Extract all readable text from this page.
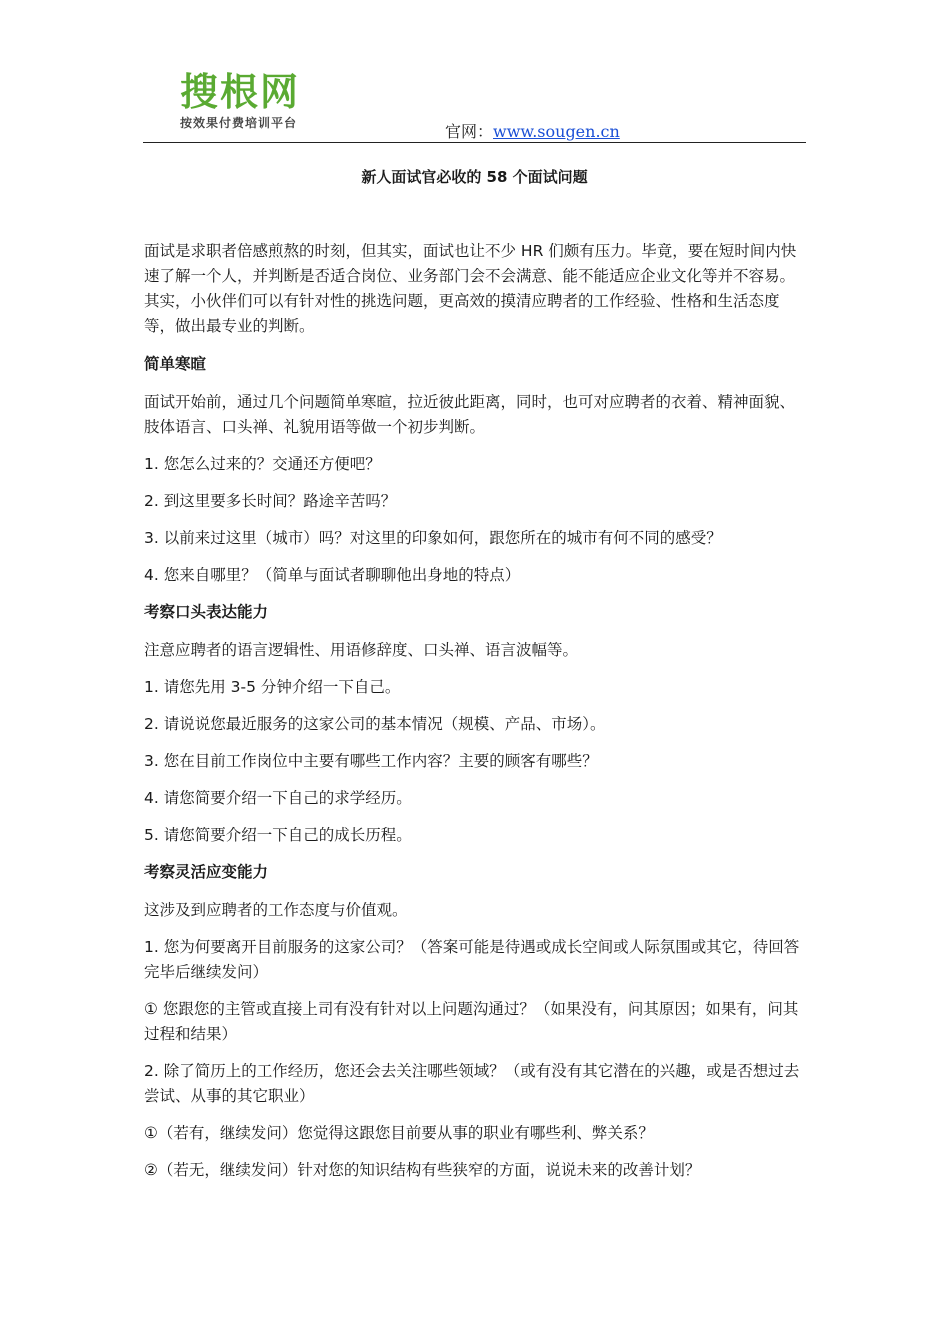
搜根网
按效果付费培训平台	官网：www.sougen.cn
新人面试官必收的 58 个面试问题

面试是求职者倍感煎熬的时刻，但其实，面试也让不少 HR 们颇有压力。毕竟，要在短时间内快速了解一个人，并判断是否适合岗位、业务部门会不会满意、能不能适应企业文化等并不容易。其实，小伙伴们可以有针对性的挑选问题，更高效的摸清应聘者的工作经验、性格和生活态度等，做出最专业的判断。

简单寒暄

面试开始前，通过几个问题简单寒暄，拉近彼此距离，同时，也可对应聘者的衣着、精神面貌、肢体语言、口头禅、礼貌用语等做一个初步判断。

1. 您怎么过来的？交通还方便吧？

2. 到这里要多长时间？路途辛苦吗？

3. 以前来过这里（城市）吗？对这里的印象如何，跟您所在的城市有何不同的感受？

4. 您来自哪里？（简单与面试者聊聊他出身地的特点）

考察口头表达能力

注意应聘者的语言逻辑性、用语修辞度、口头禅、语言波幅等。

1. 请您先用 3-5 分钟介绍一下自己。

2. 请说说您最近服务的这家公司的基本情况（规模、产品、市场）。

3. 您在目前工作岗位中主要有哪些工作内容？主要的顾客有哪些？

4. 请您简要介绍一下自己的求学经历。

5. 请您简要介绍一下自己的成长历程。

考察灵活应变能力

这涉及到应聘者的工作态度与价值观。

1. 您为何要离开目前服务的这家公司？（答案可能是待遇或成长空间或人际氛围或其它，待回答完毕后继续发问）

① 您跟您的主管或直接上司有没有针对以上问题沟通过？（如果没有，问其原因；如果有，问其过程和结果）

2. 除了简历上的工作经历，您还会去关注哪些领域？（或有没有其它潜在的兴趣，或是否想过去尝试、从事的其它职业）

①（若有，继续发问）您觉得这跟您目前要从事的职业有哪些利、弊关系？

②（若无，继续发问）针对您的知识结构有些狭窄的方面，说说未来的改善计划？
